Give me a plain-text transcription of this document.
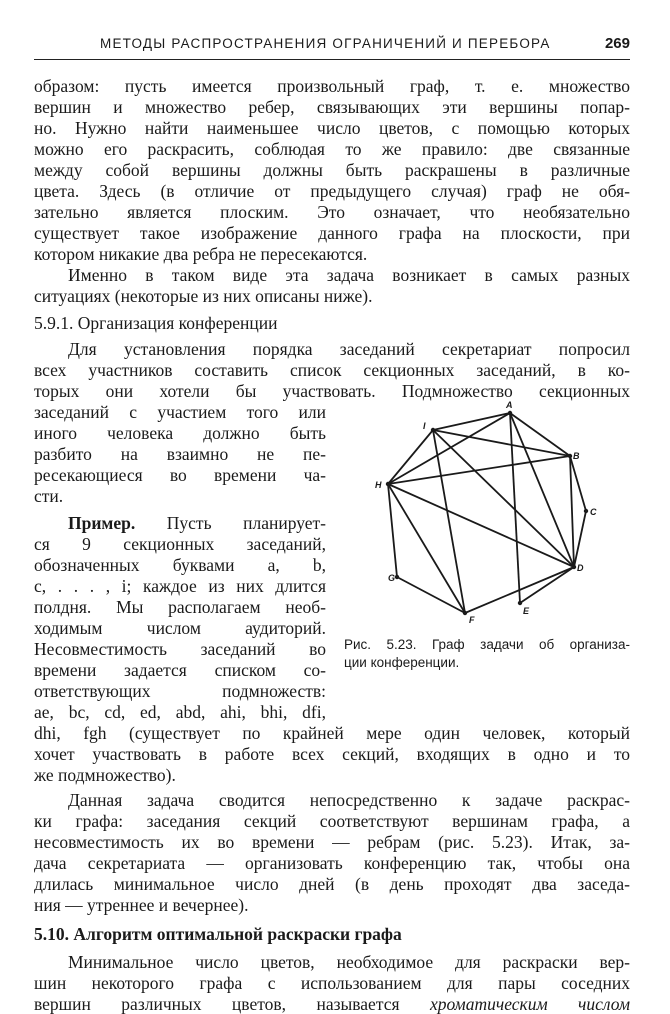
МЕТОДЫ РАСПРОСТРАНЕНИЯ ОГРАНИЧЕНИЙ И ПЕРЕБОРА	269
образом: пусть имеется произвольный граф, т. е. множество
вершин и множество ребер, связывающих эти вершины попар-
но. Нужно найти наименьшее число цветов, с помощью которых
можно его раскрасить, соблюдая то же правило: две связанные
между собой вершины должны быть раскрашены в различные
цвета. Здесь (в отличие от предыдущего случая) граф не обя-
зательно является плоским. Это означает, что необязательно
существует такое изображение данного графа на плоскости, при
котором никакие два ребра не пересекаются.
Именно в таком виде эта задача возникает в самых разных
ситуациях (некоторые из них описаны ниже).
5.9.1. Организация конференции
Для установления порядка заседаний секретариат попросил
всех участников составить список секционных заседаний, в ко-
торых они хотели бы участвовать. Подмножество секционных
заседаний с участием того или
иного человека должно быть
разбито на взаимно не пе-
ресекающиеся во времени ча-
сти.
Пример. Пусть планирует-
ся 9 секционных заседаний,
обозначенных буквами a, b,
c, . . . , i; каждое из них длится
полдня. Мы располагаем необ-
ходимым числом аудиторий.
Несовместимость заседаний во
времени задается списком со-
ответствующих подмножеств:
ae, bc, cd, ed, abd, ahi, bhi, dfi,
dhi, fgh (существует по крайней мере один человек, который
хочет участвовать в работе всех секций, входящих в одно и то
же подмножество).
Данная задача сводится непосредственно к задаче раскрас-
ки графа: заседания секций соответствуют вершинам графа, а
несовместимость их во времени — ребрам (рис. 5.23). Итак, за-
дача секретариата — организовать конференцию так, чтобы она
длилась минимальное число дней (в день проходят два заседа-
ния — утреннее и вечернее).
5.10. Алгоритм оптимальной раскраски графа
Минимальное число цветов, необходимое для раскраски вер-
шин некоторого графа с использованием для пары соседних
вершин различных цветов, называется хроматическим числом
A
B
C
D
E
F
G
H
I
Рис. 5.23. Граф задачи об организа-
ции конференции.
